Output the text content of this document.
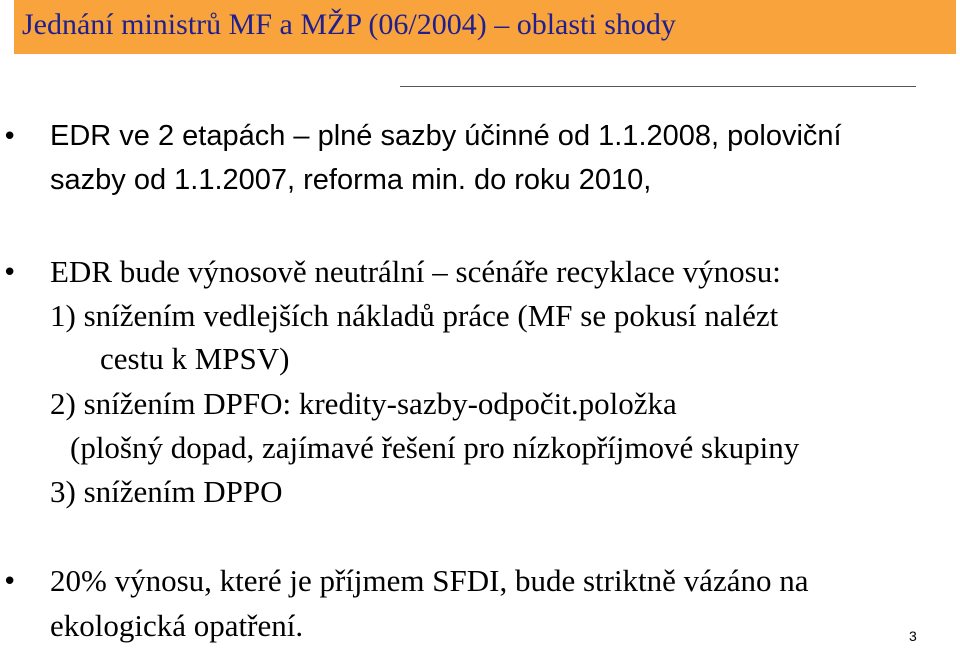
Jednání ministrů MF a MŽP (06/2004) – oblasti shody
• EDR ve 2 etapách – plné sazby účinné od 1.1.2008, poloviční
sazby od 1.1.2007, reforma min. do roku 2010,
• EDR bude výnosově neutrální – scénáře recyklace výnosu:
1) snížením vedlejších nákladů práce (MF se pokusí nalézt
cestu k MPSV)
2) snížením DPFO: kredity-sazby-odpočit.položka
(plošný dopad, zajímavé řešení pro nízkopříjmové skupiny
3) snížením DPPO
• 20% výnosu, které je příjmem SFDI, bude striktně vázáno na
ekologická opatření.	3
